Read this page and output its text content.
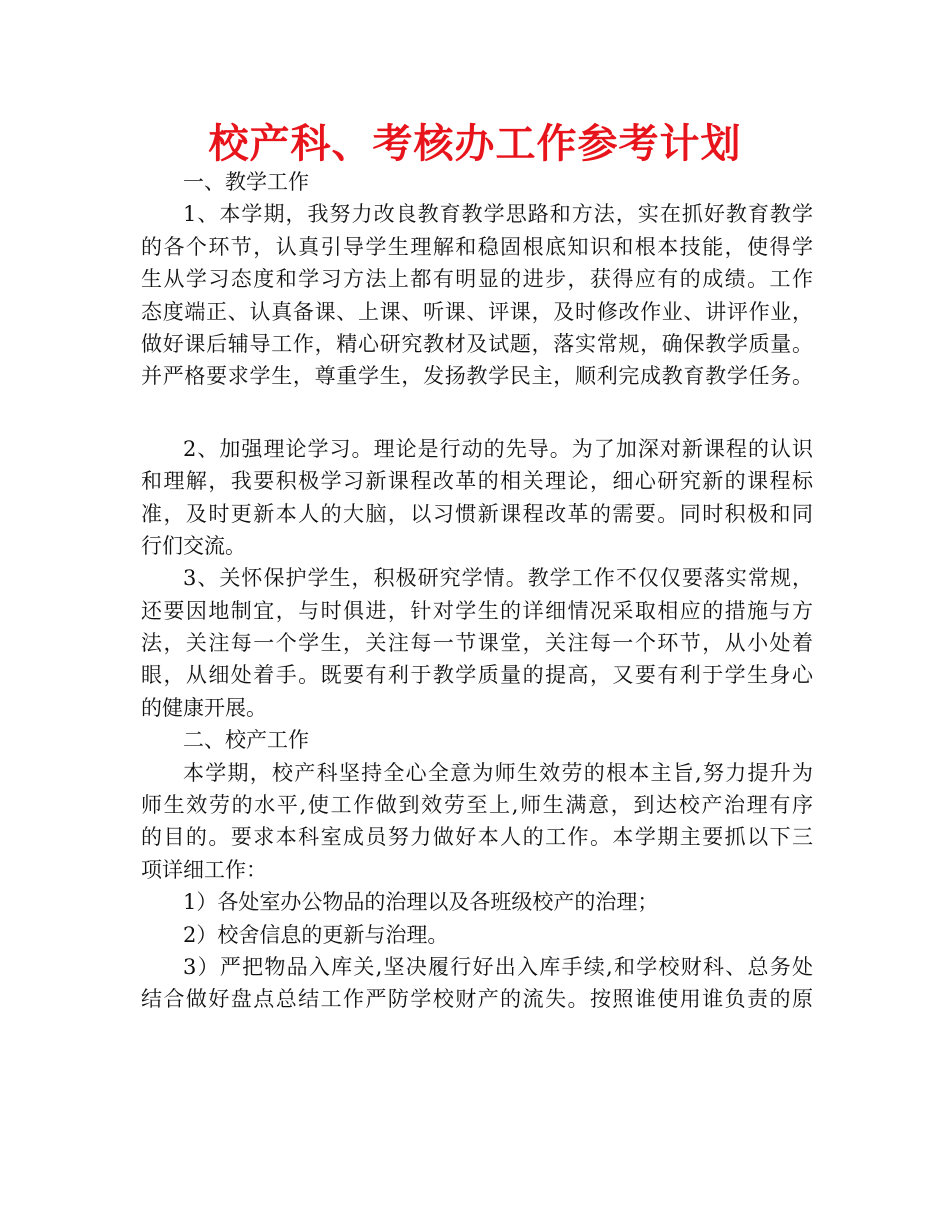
校产科、考核办工作参考计划
一、教学工作
1、本学期，我努力改良教育教学思路和方法，实在抓好教育教学
的各个环节，认真引导学生理解和稳固根底知识和根本技能，使得学
生从学习态度和学习方法上都有明显的进步，获得应有的成绩。工作
态度端正、认真备课、上课、听课、评课，及时修改作业、讲评作业，
做好课后辅导工作，精心研究教材及试题，落实常规，确保教学质量。
并严格要求学生，尊重学生，发扬教学民主，顺利完成教育教学任务。
2、加强理论学习。理论是行动的先导。为了加深对新课程的认识
和理解，我要积极学习新课程改革的相关理论，细心研究新的课程标
准，及时更新本人的大脑，以习惯新课程改革的需要。同时积极和同
行们交流。
3、关怀保护学生，积极研究学情。教学工作不仅仅要落实常规，
还要因地制宜，与时俱进，针对学生的详细情况采取相应的措施与方
法，关注每一个学生，关注每一节课堂，关注每一个环节，从小处着
眼，从细处着手。既要有利于教学质量的提高，又要有利于学生身心
的健康开展。
二、校产工作
本学期，校产科坚持全心全意为师生效劳的根本主旨,努力提升为
师生效劳的水平,使工作做到效劳至上,师生满意，到达校产治理有序
的目的。要求本科室成员努力做好本人的工作。本学期主要抓以下三
项详细工作：
1）各处室办公物品的治理以及各班级校产的治理；
2）校舍信息的更新与治理。
3）严把物品入库关,坚决履行好出入库手续,和学校财科、总务处
结合做好盘点总结工作严防学校财产的流失。按照谁使用谁负责的原
